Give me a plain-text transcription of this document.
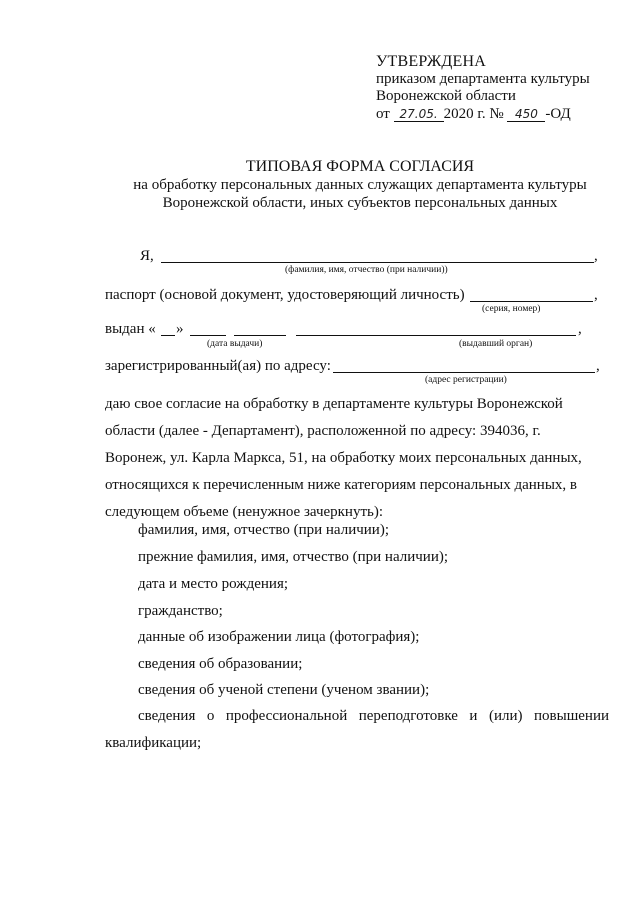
УТВЕРЖДЕНА
приказом департамента культуры
Воронежской области
от 27.05. 2020 г. № 450 -ОД
ТИПОВАЯ ФОРМА СОГЛАСИЯ
на обработку персональных данных служащих департамента культуры
Воронежской области, иных субъектов персональных данных
Я,	,
(фамилия, имя, отчество (при наличии))
паспорт (основой документ, удостоверяющий личность)	,
(серия, номер)
выдан « »	,
(дата выдачи)	(выдавший орган)
зарегистрированный(ая) по адресу:	,
(адрес регистрации)
даю свое согласие на обработку в департаменте культуры Воронежской
области (далее - Департамент), расположенной по адресу: 394036, г.
Воронеж, ул. Карла Маркса, 51, на обработку моих персональных данных,
относящихся к перечисленным ниже категориям персональных данных, в
следующем объеме (ненужное зачеркнуть):
фамилия, имя, отчество (при наличии);
прежние фамилия, имя, отчество (при наличии);
дата и место рождения;
гражданство;
данные об изображении лица (фотография);
сведения об образовании;
сведения об ученой степени (ученом звании);
сведения о профессиональной переподготовке и (или) повышении квалификации;
